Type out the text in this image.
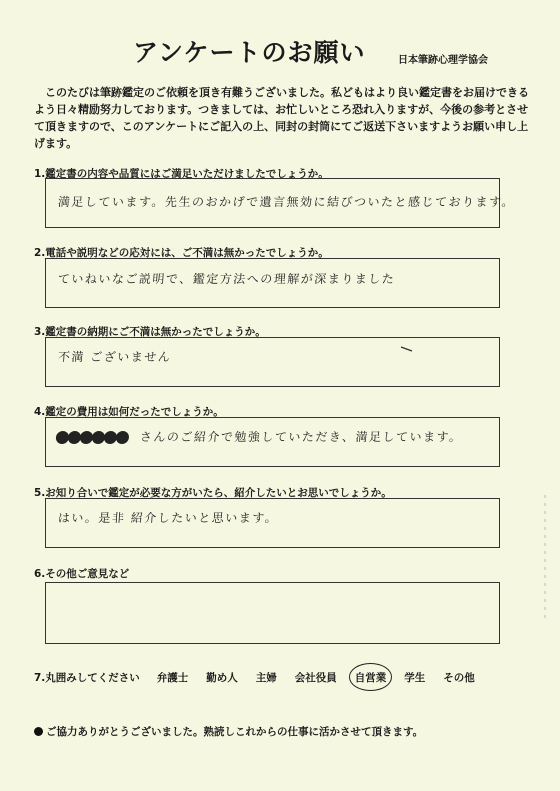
アンケートのお願い	日本筆跡心理学協会
このたびは筆跡鑑定のご依頼を頂き有難うございました。私どもはより良い鑑定書をお届けできるよう日々精励努力しております。つきましては、お忙しいところ恐れ入りますが、今後の参考とさせて頂きますので、このアンケートにご記入の上、同封の封筒にてご返送下さいますようお願い申し上げます。
1.鑑定書の内容や品質にはご満足いただけましたでしょうか。
満足しています。先生のおかげで遺言無効に結びついたと感じております。
2.電話や説明などの応対には、ご不満は無かったでしょうか。
ていねいなご説明で、鑑定方法への理解が深まりました
3.鑑定書の納期にご不満は無かったでしょうか。
不満 ございません
4.鑑定の費用は如何だったでしょうか。
さんのご紹介で勉強していただき、満足しています。
5.お知り合いで鑑定が必要な方がいたら、紹介したいとお思いでしょうか。
はい。是非 紹介したいと思います。
6.その他ご意見など
7.丸囲みしてください 弁護士 勤め人 主婦 会社役員 自営業 学生 その他
ご協力ありがとうございました。熟読しこれからの仕事に活かさせて頂きます。
